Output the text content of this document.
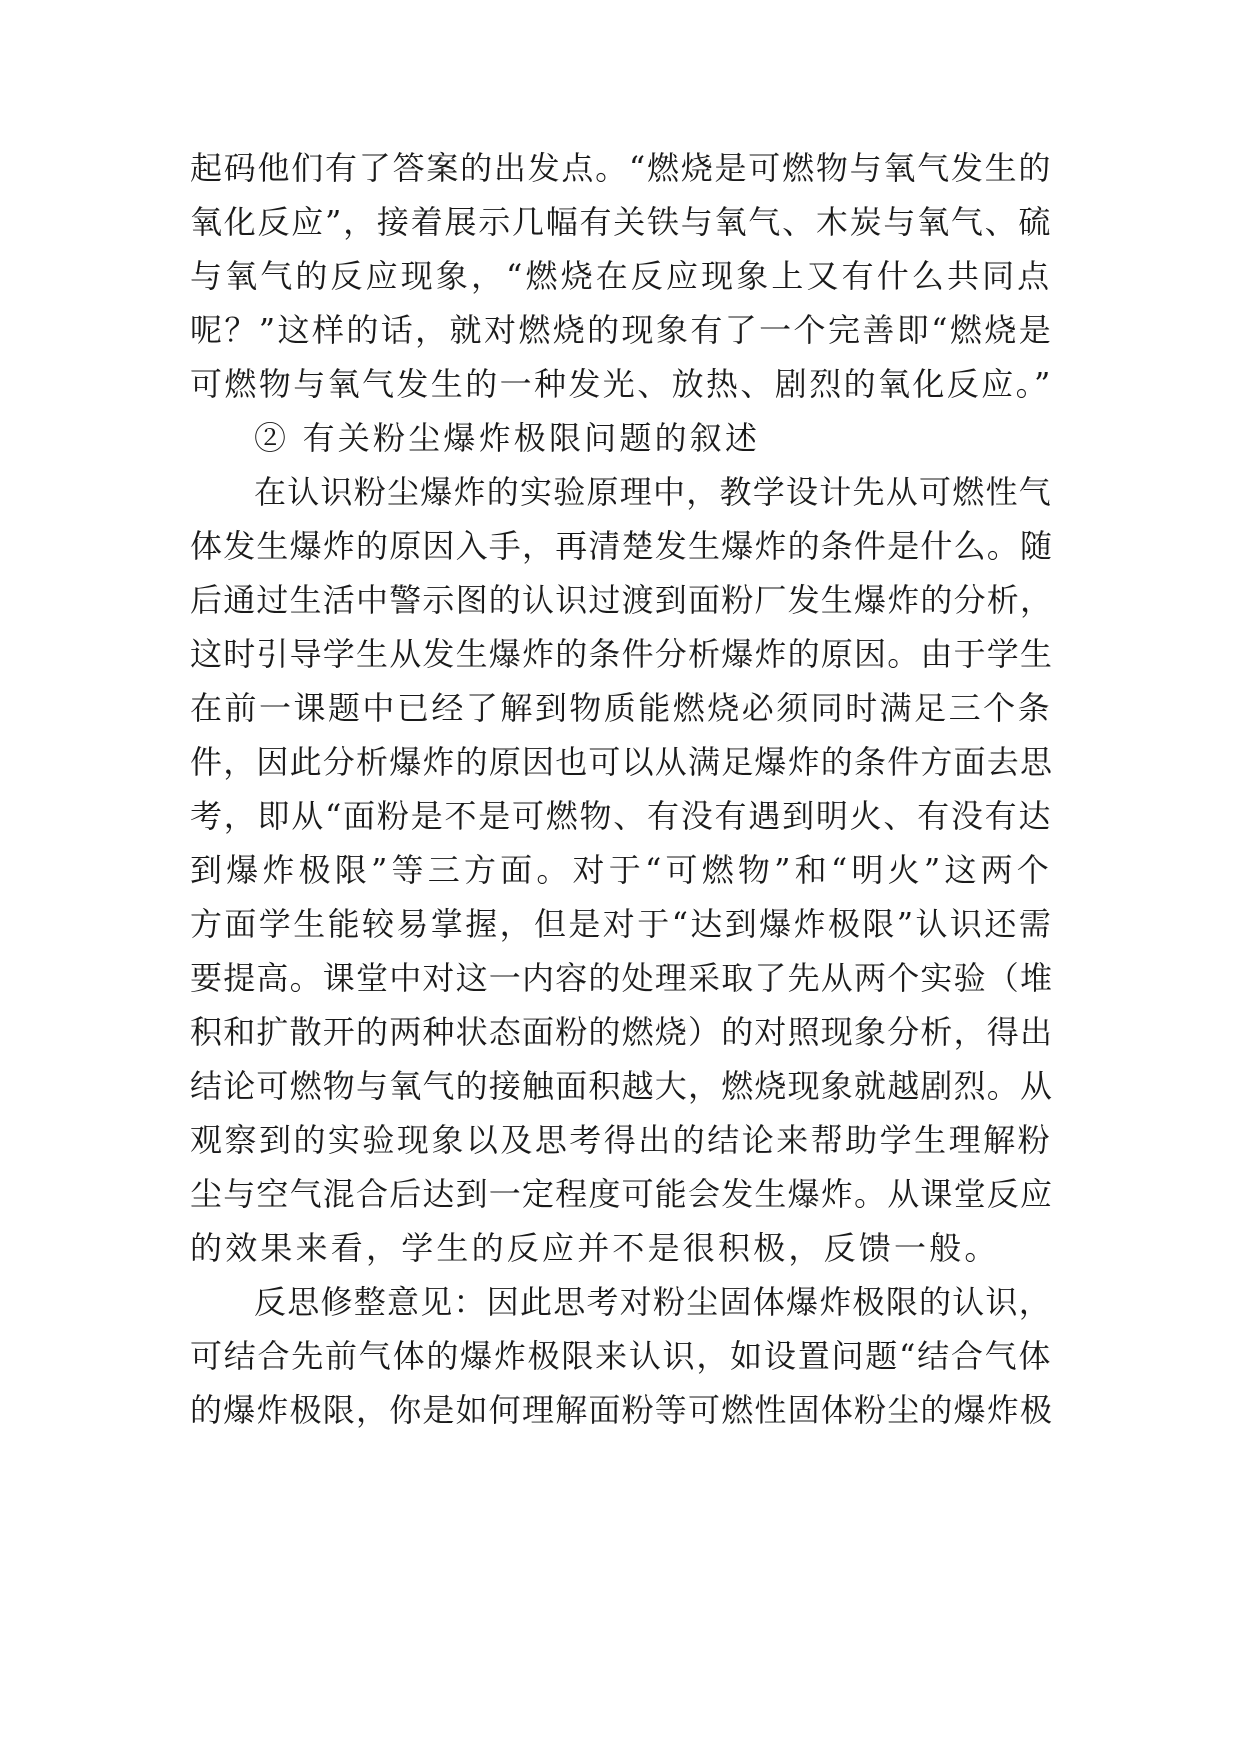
起码他们有了答案的出发点。“燃烧是可燃物与氧气发生的

氧化反应”，接着展示几幅有关铁与氧气、木炭与氧气、硫

与氧气的反应现象，“燃烧在反应现象上又有什么共同点

呢？”这样的话，就对燃烧的现象有了一个完善即“燃烧是

可燃物与氧气发生的一种发光、放热、剧烈的氧化反应。”

② 有关粉尘爆炸极限问题的叙述

在认识粉尘爆炸的实验原理中，教学设计先从可燃性气

体发生爆炸的原因入手，再清楚发生爆炸的条件是什么。随

后通过生活中警示图的认识过渡到面粉厂发生爆炸的分析，

这时引导学生从发生爆炸的条件分析爆炸的原因。由于学生

在前一课题中已经了解到物质能燃烧必须同时满足三个条

件，因此分析爆炸的原因也可以从满足爆炸的条件方面去思

考，即从“面粉是不是可燃物、有没有遇到明火、有没有达

到爆炸极限”等三方面。对于“可燃物”和“明火”这两个

方面学生能较易掌握，但是对于“达到爆炸极限”认识还需

要提高。课堂中对这一内容的处理采取了先从两个实验（堆

积和扩散开的两种状态面粉的燃烧）的对照现象分析，得出

结论可燃物与氧气的接触面积越大，燃烧现象就越剧烈。从

观察到的实验现象以及思考得出的结论来帮助学生理解粉

尘与空气混合后达到一定程度可能会发生爆炸。从课堂反应

的效果来看，学生的反应并不是很积极，反馈一般。

反思修整意见：因此思考对粉尘固体爆炸极限的认识，

可结合先前气体的爆炸极限来认识，如设置问题“结合气体

的爆炸极限，你是如何理解面粉等可燃性固体粉尘的爆炸极
